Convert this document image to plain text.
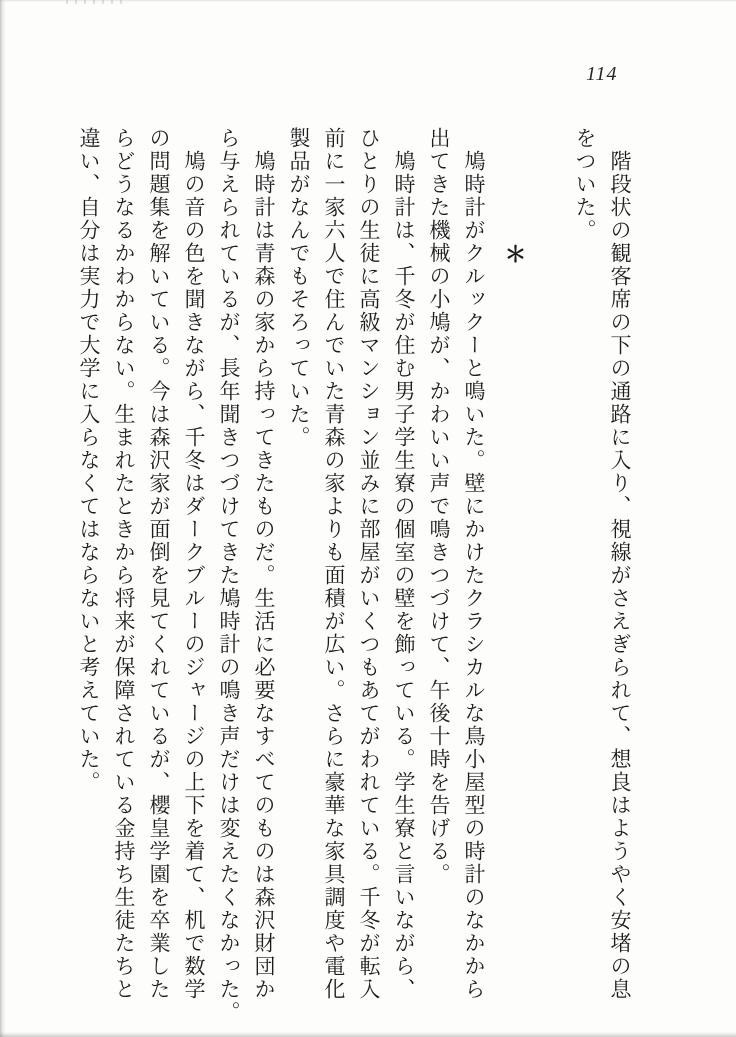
114
　階段状の観客席の下の通路に入り、視線がさえぎられて、想良はようやく安堵の息
をついた。
＊
　鳩時計がクルックーと鳴いた。壁にかけたクラシカルな鳥小屋型の時計のなかから
出てきた機械の小鳩が、かわいい声で鳴きつづけて、午後十時を告げる。
　鳩時計は、千冬が住む男子学生寮の個室の壁を飾っている。学生寮と言いながら、
ひとりの生徒に高級マンション並みに部屋がいくつもあてがわれている。千冬が転入
前に一家六人で住んでいた青森の家よりも面積が広い。さらに豪華な家具調度や電化
製品がなんでもそろっていた。
　鳩時計は青森の家から持ってきたものだ。生活に必要なすべてのものは森沢財団か
ら与えられているが、長年聞きつづけてきた鳩時計の鳴き声だけは変えたくなかった。
　鳩の音の色を聞きながら、千冬はダークブルーのジャージの上下を着て、机で数学
の問題集を解いている。今は森沢家が面倒を見てくれているが、櫻皇学園を卒業した
らどうなるかわからない。生まれたときから将来が保障されている金持ち生徒たちと
違い、自分は実力で大学に入らなくてはならないと考えていた。
